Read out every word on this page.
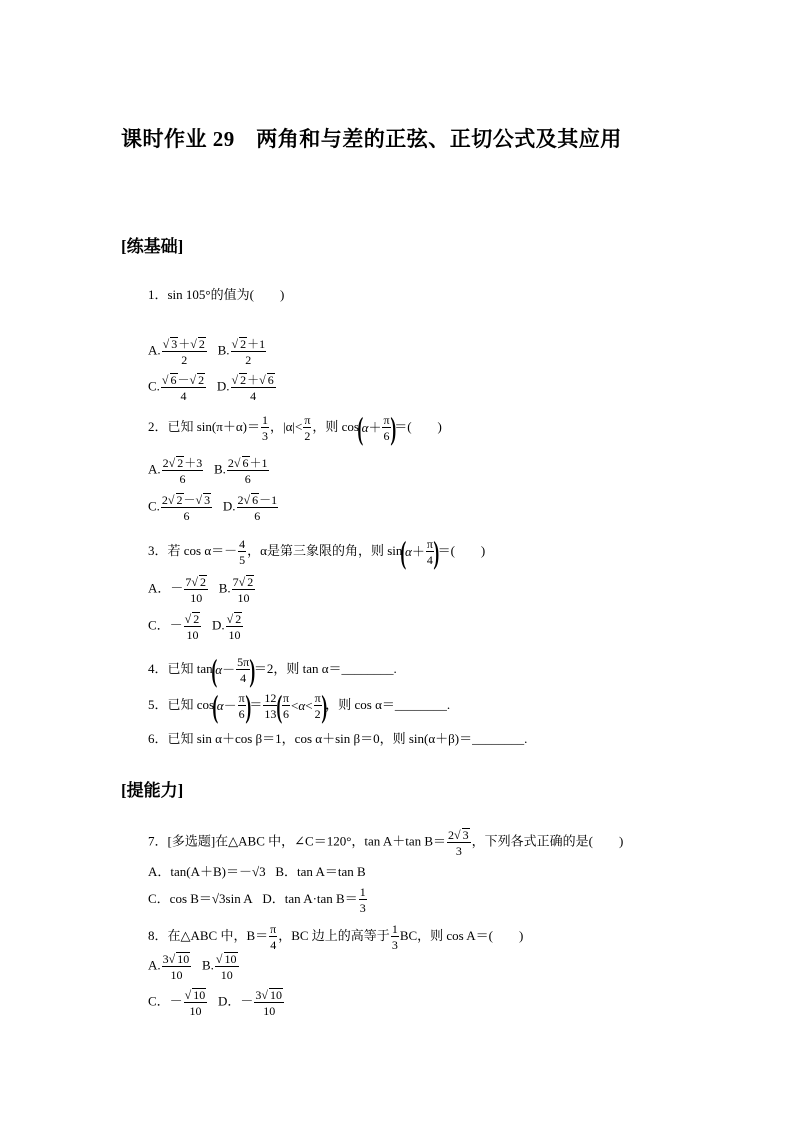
课时作业 29　两角和与差的正弦、正切公式及其应用
[练基础]
1．sin 105°的值为(　　)
A. $\frac{√ 3+√ 2}{2} B$. $\frac{√ 2+1}{2}$
C. $\frac{√ 6-√ 2}{4} D$. $\frac{√ 2+√ 6}{4}$
2．已知 $\sin(\pi+\alpha)= \frac{1}{3}$ ，$|\alpha|< \frac{\pi}{2}$ ，则 cos
(
$\alpha + \frac{\pi}{6}$ )
＝(　　)
A. $\frac{2√ 2+3}{6} B$. $\frac{2√ 6+1}{6}$
C. $\frac{2√ 2-√ 3}{6} D$. $\frac{2√ 6-1}{6}$
3．若 $\cos \alpha=- \frac{4}{5}$ ，α是第三象限的角，则 sin
(
$\alpha + \frac{\pi}{4}$ )
＝(　　)
A．－ $\frac{7√ 2}{10} B$. $\frac{7√ 2}{10}$
C．－ $\frac{√ 2}{10} D$. $\frac{√ 2}{10}$
4．已知 tan
(
$\alpha - \frac{5\pi}{4}$ )
＝2，则 tan α＝________.
5．已知 cos
(
$\alpha - \frac{\pi}{6}$ )
＝ $\frac{12}{13}$ ( $\frac{\pi}{6} < \alpha < \frac{\pi}{2}$ )
，则 cos α＝________.
6．已知 sin α＋cos β＝1，cos α＋sin β＝0，则 sin(α＋β)＝________.
[提能力]
7．[多选题]在△ABC 中，∠C＝120°，tan A＋tan $B= \frac{2√ 3}{3}$ ，下列各式正确的是(　　)
A．tan(A＋B)＝－√3 B．tan A＝tan B
C．cos B＝√3sin A D．tan A·tan $B= \frac{1}{3}$
8．在△ABC 中，$B= \frac{\pi}{4}$ ，BC 边上的高等于 $\frac{1}{3}$ BC，则 cos A＝(　　)
A. $\frac{3√ 10}{10} B$. $\frac{√ 10}{10}$
C．－ $\frac{√ 10}{10}$ D．－ $\frac{3√ 10}{10}$
